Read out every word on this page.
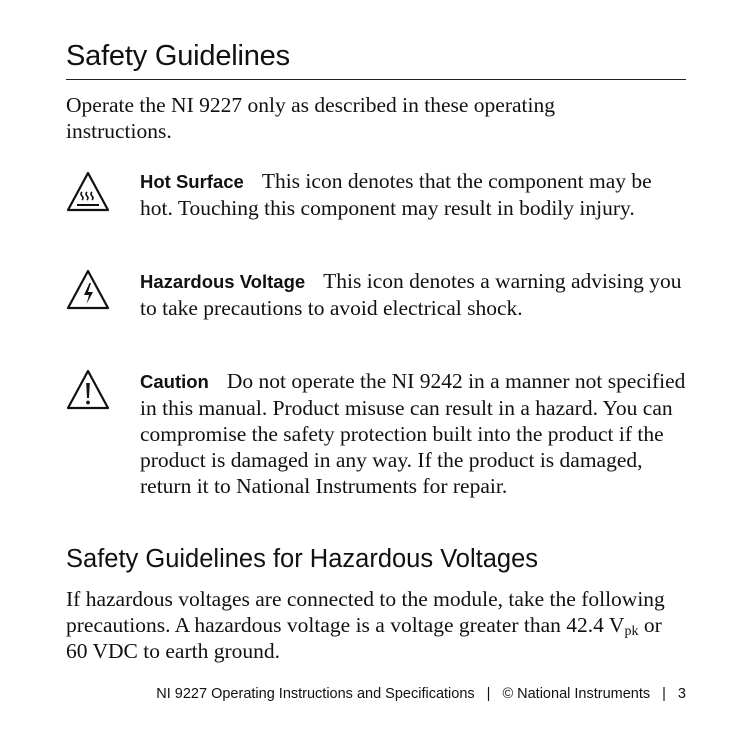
Safety Guidelines

Operate the NI 9227 only as described in these operating instructions.

Hot Surface This icon denotes that the component may be hot. Touching this component may result in bodily injury.

Hazardous Voltage This icon denotes a warning advising you to take precautions to avoid electrical shock.

Caution Do not operate the NI 9242 in a manner not specified in this manual. Product misuse can result in a hazard. You can compromise the safety protection built into the product if the product is damaged in any way. If the product is damaged, return it to National Instruments for repair.

Safety Guidelines for Hazardous Voltages

If hazardous voltages are connected to the module, take the following precautions. A hazardous voltage is a voltage greater than 42.4 $V_{pk}$ or 60 VDC to earth ground.

NI 9227 Operating Instructions and Specifications | © National Instruments | 3
